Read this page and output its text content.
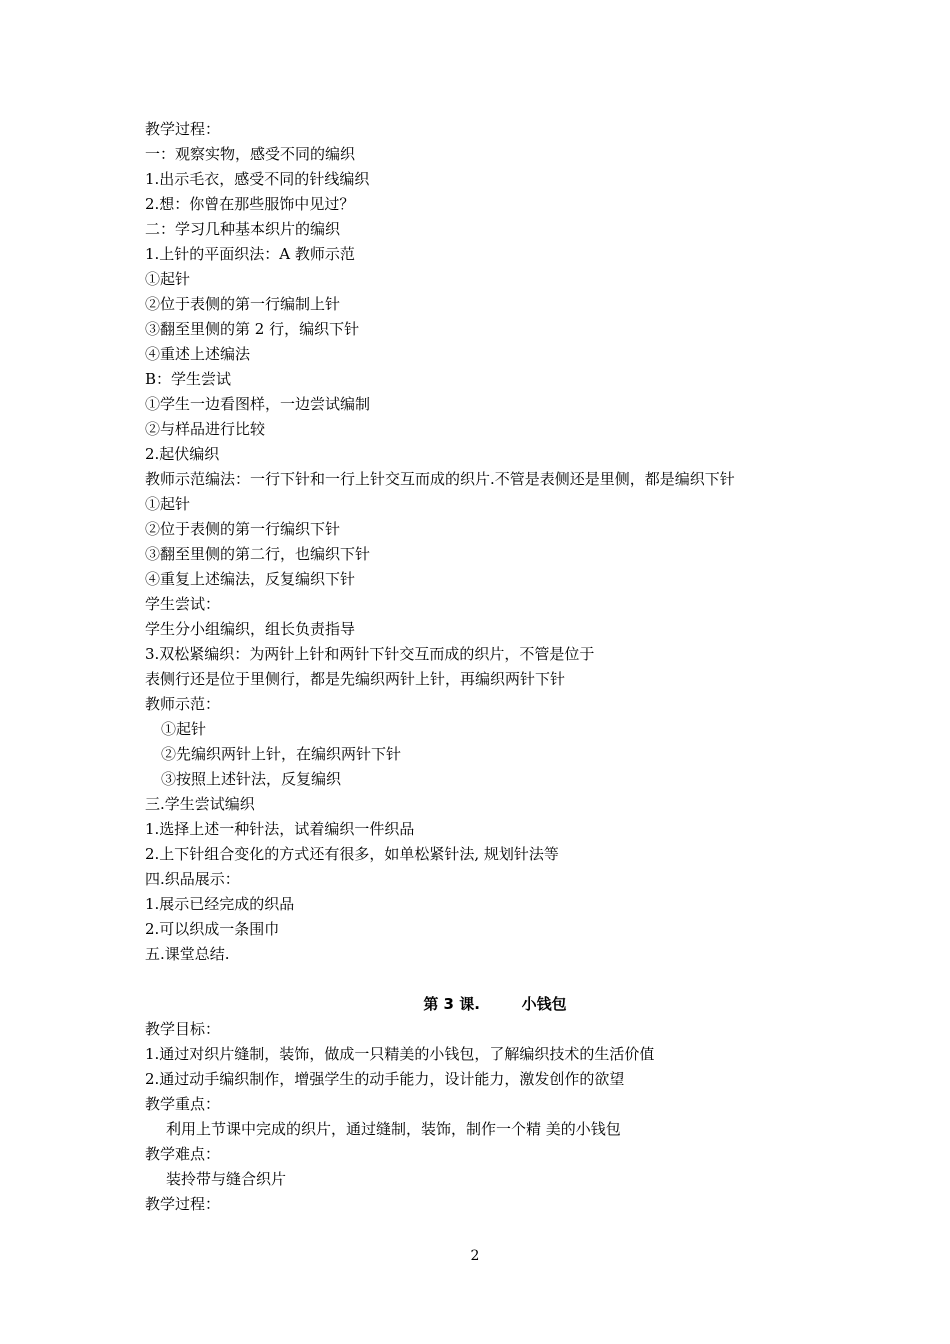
教学过程：
一：观察实物，感受不同的编织
1.出示毛衣，感受不同的针线编织
2.想：你曾在那些服饰中见过？
二：学习几种基本织片的编织
1.上针的平面织法：A 教师示范
①起针
②位于表侧的第一行编制上针
③翻至里侧的第 2 行，编织下针
④重述上述编法
B：学生尝试
①学生一边看图样，一边尝试编制
②与样品进行比较
2.起伏编织
教师示范编法：一行下针和一行上针交互而成的织片.不管是表侧还是里侧，都是编织下针
①起针
②位于表侧的第一行编织下针
③翻至里侧的第二行，也编织下针
④重复上述编法，反复编织下针
学生尝试：
学生分小组编织，组长负责指导
3.双松紧编织：为两针上针和两针下针交互而成的织片，不管是位于
表侧行还是位于里侧行，都是先编织两针上针，再编织两针下针
教师示范：
①起针
②先编织两针上针，在编织两针下针
③按照上述针法，反复编织
三.学生尝试编织
1.选择上述一种针法，试着编织一件织品
2.上下针组合变化的方式还有很多，如单松紧针法, 规划针法等
四.织品展示：
1.展示已经完成的织品
2.可以织成一条围巾
五.课堂总结.
第 3 课.        小钱包
教学目标：
1.通过对织片缝制，装饰，做成一只精美的小钱包，了解编织技术的生活价值
2.通过动手编织制作，增强学生的动手能力，设计能力，激发创作的欲望
教学重点：
利用上节课中完成的织片，通过缝制，装饰，制作一个精 美的小钱包
教学难点：
装拎带与缝合织片
教学过程：
2
